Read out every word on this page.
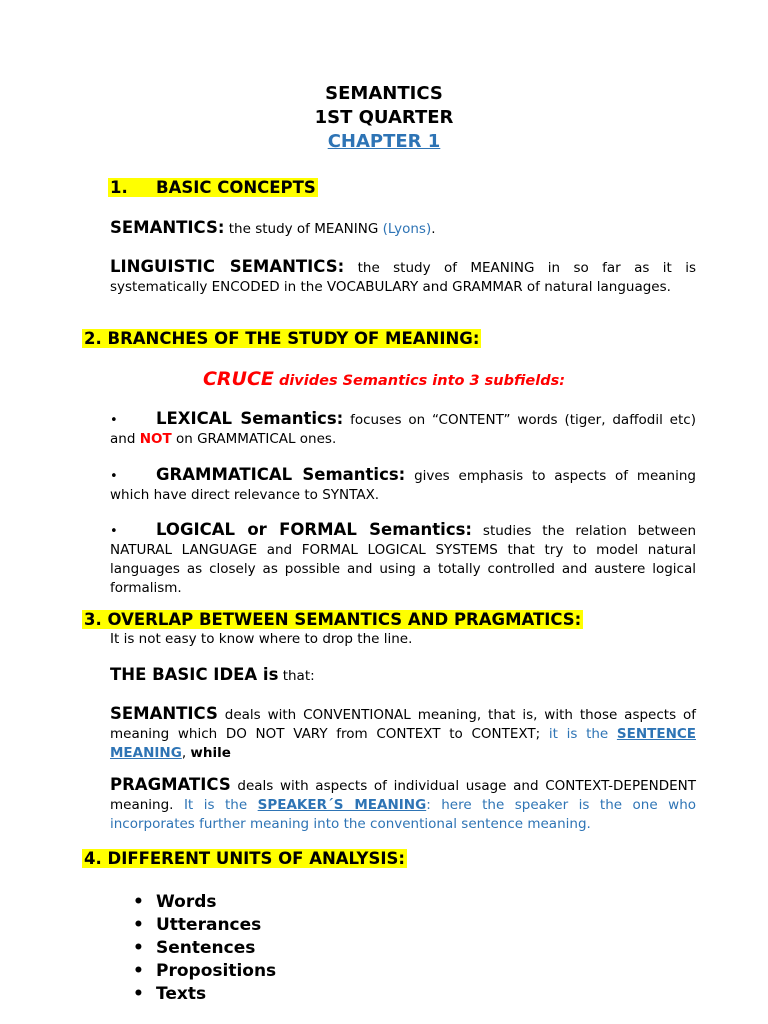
SEMANTICS
1ST QUARTER
CHAPTER 1
1. BASIC CONCEPTS
SEMANTICS: the study of MEANING (Lyons).
LINGUISTIC SEMANTICS: the study of MEANING in so far as it is systematically ENCODED in the VOCABULARY and GRAMMAR of natural languages.
2. BRANCHES OF THE STUDY OF MEANING:
CRUCE divides Semantics into 3 subfields:
• LEXICAL Semantics: focuses on “CONTENT” words (tiger, daffodil etc) and NOT on GRAMMATICAL ones.
• GRAMMATICAL Semantics: gives emphasis to aspects of meaning which have direct relevance to SYNTAX.
• LOGICAL or FORMAL Semantics: studies the relation between NATURAL LANGUAGE and FORMAL LOGICAL SYSTEMS that try to model natural languages as closely as possible and using a totally controlled and austere logical formalism.
3. OVERLAP BETWEEN SEMANTICS AND PRAGMATICS:
It is not easy to know where to drop the line.
THE BASIC IDEA is that:
SEMANTICS deals with CONVENTIONAL meaning, that is, with those aspects of meaning which DO NOT VARY from CONTEXT to CONTEXT; it is the SENTENCE MEANING, while
PRAGMATICS deals with aspects of individual usage and CONTEXT-DEPENDENT meaning. It is the SPEAKER´S MEANING: here the speaker is the one who incorporates further meaning into the conventional sentence meaning.
4. DIFFERENT UNITS OF ANALYSIS:
• Words
• Utterances
• Sentences
• Propositions
• Texts
